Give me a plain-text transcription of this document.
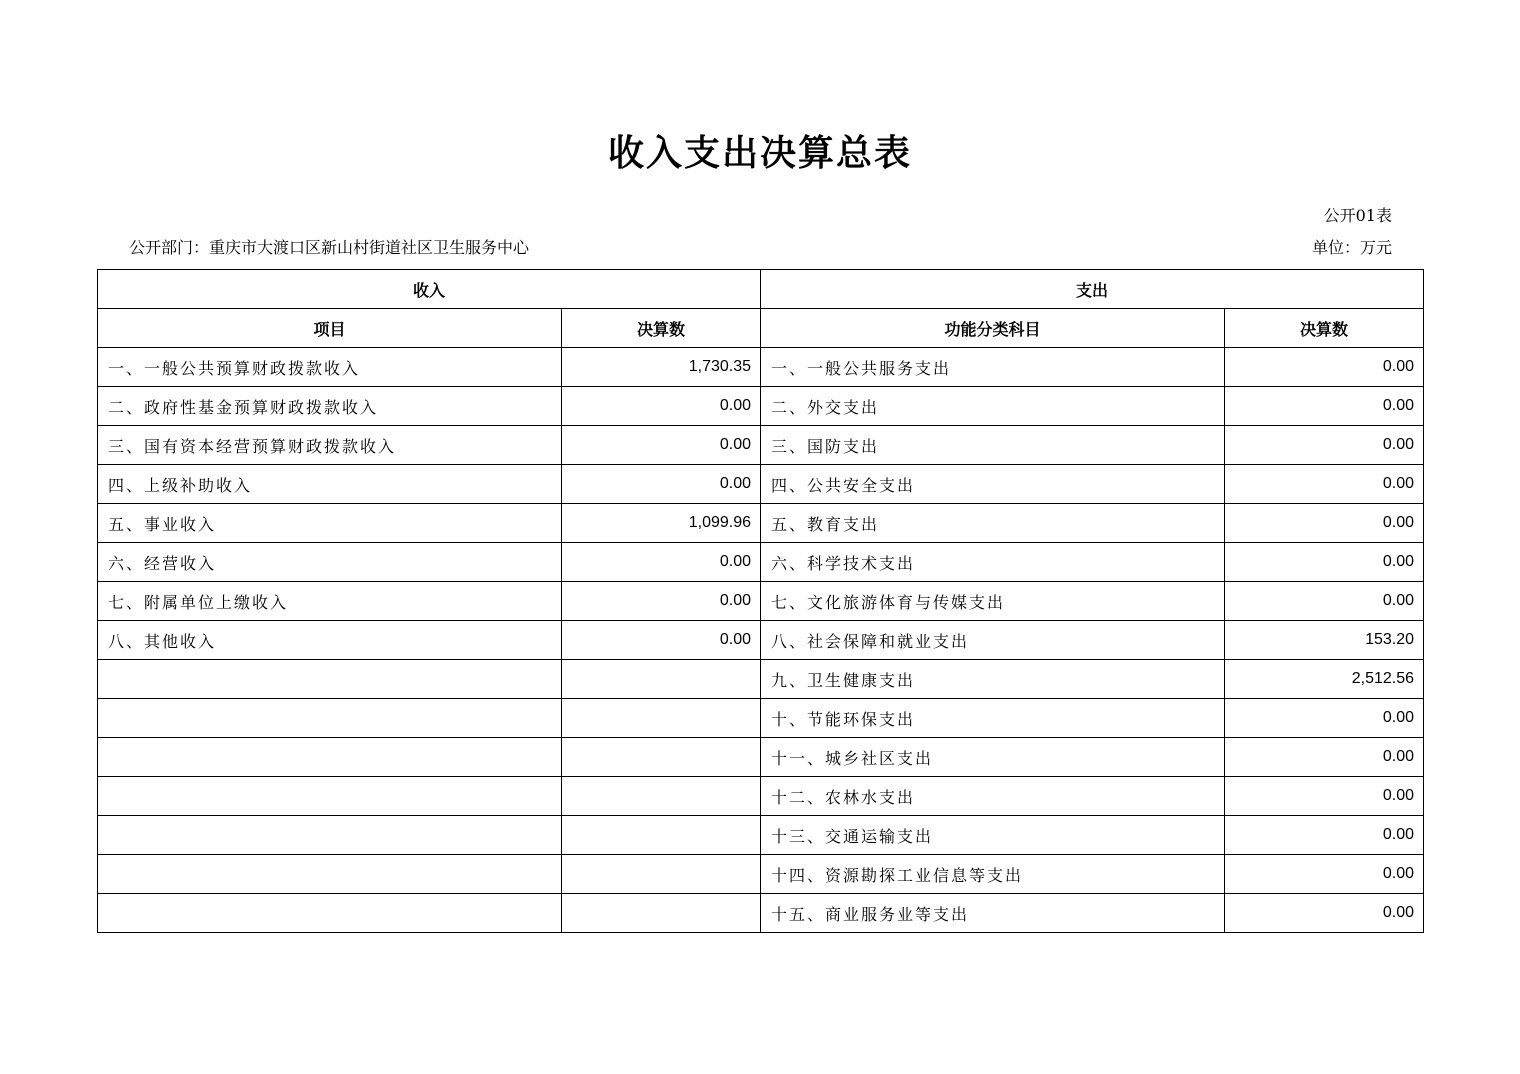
收入支出决算总表
公开01表
公开部门：重庆市大渡口区新山村街道社区卫生服务中心	单位：万元
收入		支出	
项目	决算数	功能分类科目	决算数
一、一般公共预算财政拨款收入	1,730.35	一、一般公共服务支出	0.00
二、政府性基金预算财政拨款收入	0.00	二、外交支出	0.00
三、国有资本经营预算财政拨款收入	0.00	三、国防支出	0.00
四、上级补助收入	0.00	四、公共安全支出	0.00
五、事业收入	1,099.96	五、教育支出	0.00
六、经营收入	0.00	六、科学技术支出	0.00
七、附属单位上缴收入	0.00	七、文化旅游体育与传媒支出	0.00
八、其他收入	0.00	八、社会保障和就业支出	153.20
		九、卫生健康支出	2,512.56
		十、节能环保支出	0.00
		十一、城乡社区支出	0.00
		十二、农林水支出	0.00
		十三、交通运输支出	0.00
		十四、资源勘探工业信息等支出	0.00
		十五、商业服务业等支出	0.00
